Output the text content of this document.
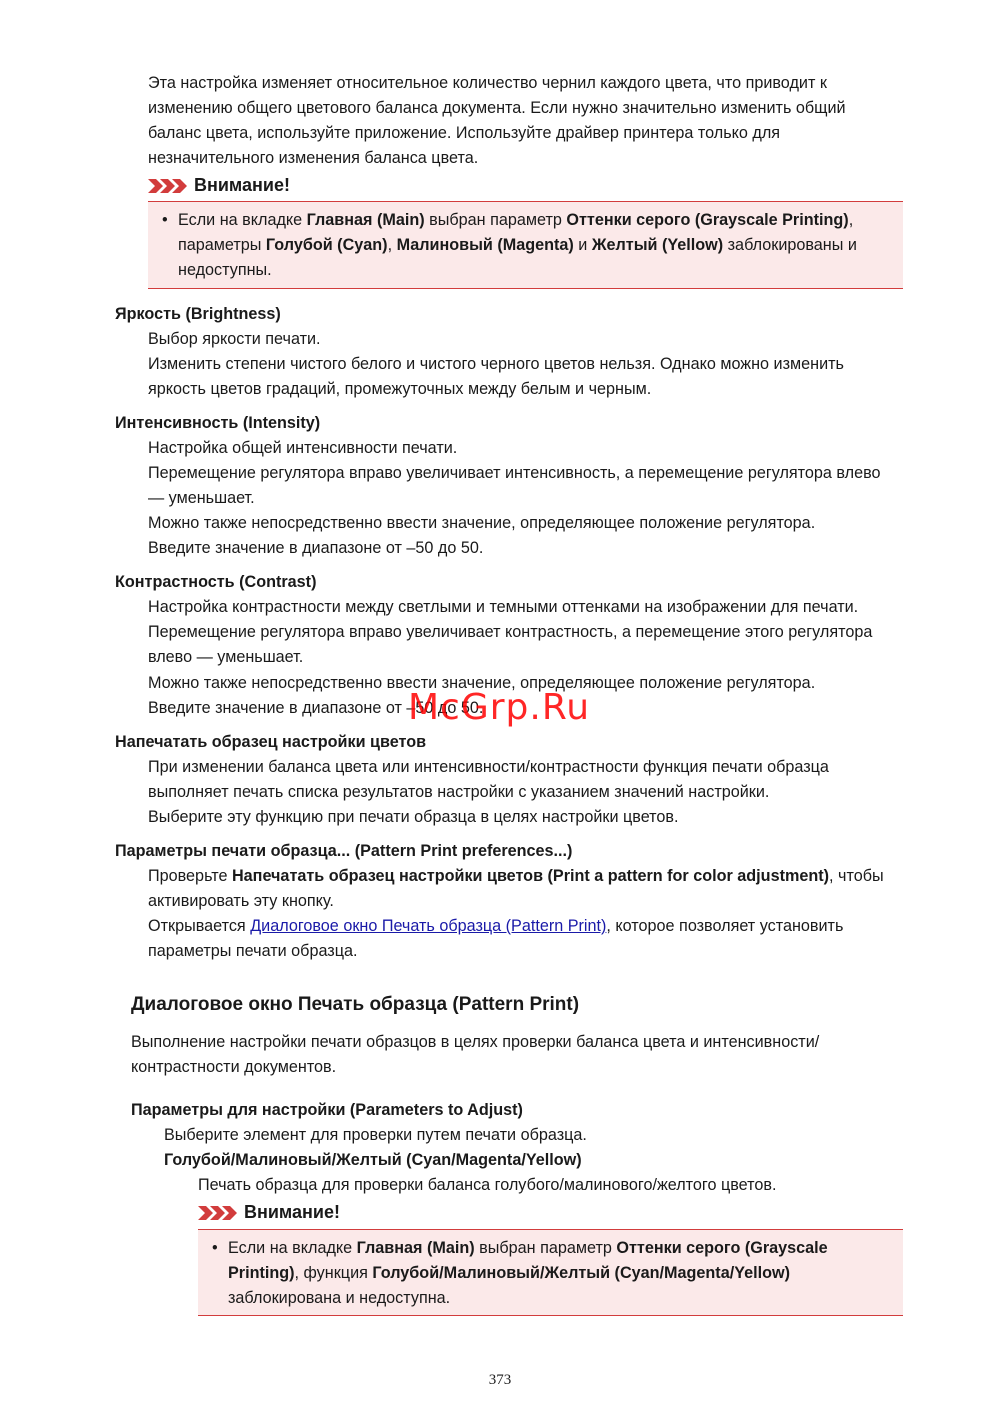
Эта настройка изменяет относительное количество чернил каждого цвета, что приводит к изменению общего цветового баланса документа. Если нужно значительно изменить общий баланс цвета, используйте приложение. Используйте драйвер принтера только для незначительного изменения баланса цвета.

Внимание!
• Если на вкладке Главная (Main) выбран параметр Оттенки серого (Grayscale Printing), параметры Голубой (Cyan), Малиновый (Magenta) и Желтый (Yellow) заблокированы и недоступны.

Яркость (Brightness)

Выбор яркости печати.

Изменить степени чистого белого и чистого черного цветов нельзя. Однако можно изменить яркость цветов градаций, промежуточных между белым и черным.

Интенсивность (Intensity)

Настройка общей интенсивности печати.

Перемещение регулятора вправо увеличивает интенсивность, а перемещение регулятора влево — уменьшает.

Можно также непосредственно ввести значение, определяющее положение регулятора.

Введите значение в диапазоне от –50 до 50.

Контрастность (Contrast)

Настройка контрастности между светлыми и темными оттенками на изображении для печати.

Перемещение регулятора вправо увеличивает контрастность, а перемещение этого регулятора влево — уменьшает.

Можно также непосредственно ввести значение, определяющее положение регулятора.

Введите значение в диапазоне от –50 до 50.

Напечатать образец настройки цветов

При изменении баланса цвета или интенсивности/контрастности функция печати образца выполняет печать списка результатов настройки с указанием значений настройки.

Выберите эту функцию при печати образца в целях настройки цветов.

Параметры печати образца... (Pattern Print preferences...)

Проверьте Напечатать образец настройки цветов (Print a pattern for color adjustment), чтобы активировать эту кнопку.

Открывается Диалоговое окно Печать образца (Pattern Print), которое позволяет установить параметры печати образца.

Диалоговое окно Печать образца (Pattern Print)

Выполнение настройки печати образцов в целях проверки баланса цвета и интенсивности/ контрастности документов.

Параметры для настройки (Parameters to Adjust)

Выберите элемент для проверки путем печати образца.

Голубой/Малиновый/Желтый (Cyan/Magenta/Yellow)

Печать образца для проверки баланса голубого/малинового/желтого цветов.

Внимание!
• Если на вкладке Главная (Main) выбран параметр Оттенки серого (Grayscale Printing), функция Голубой/Малиновый/Желтый (Cyan/Magenta/Yellow) заблокирована и недоступна.
McGrp.Ru
373
